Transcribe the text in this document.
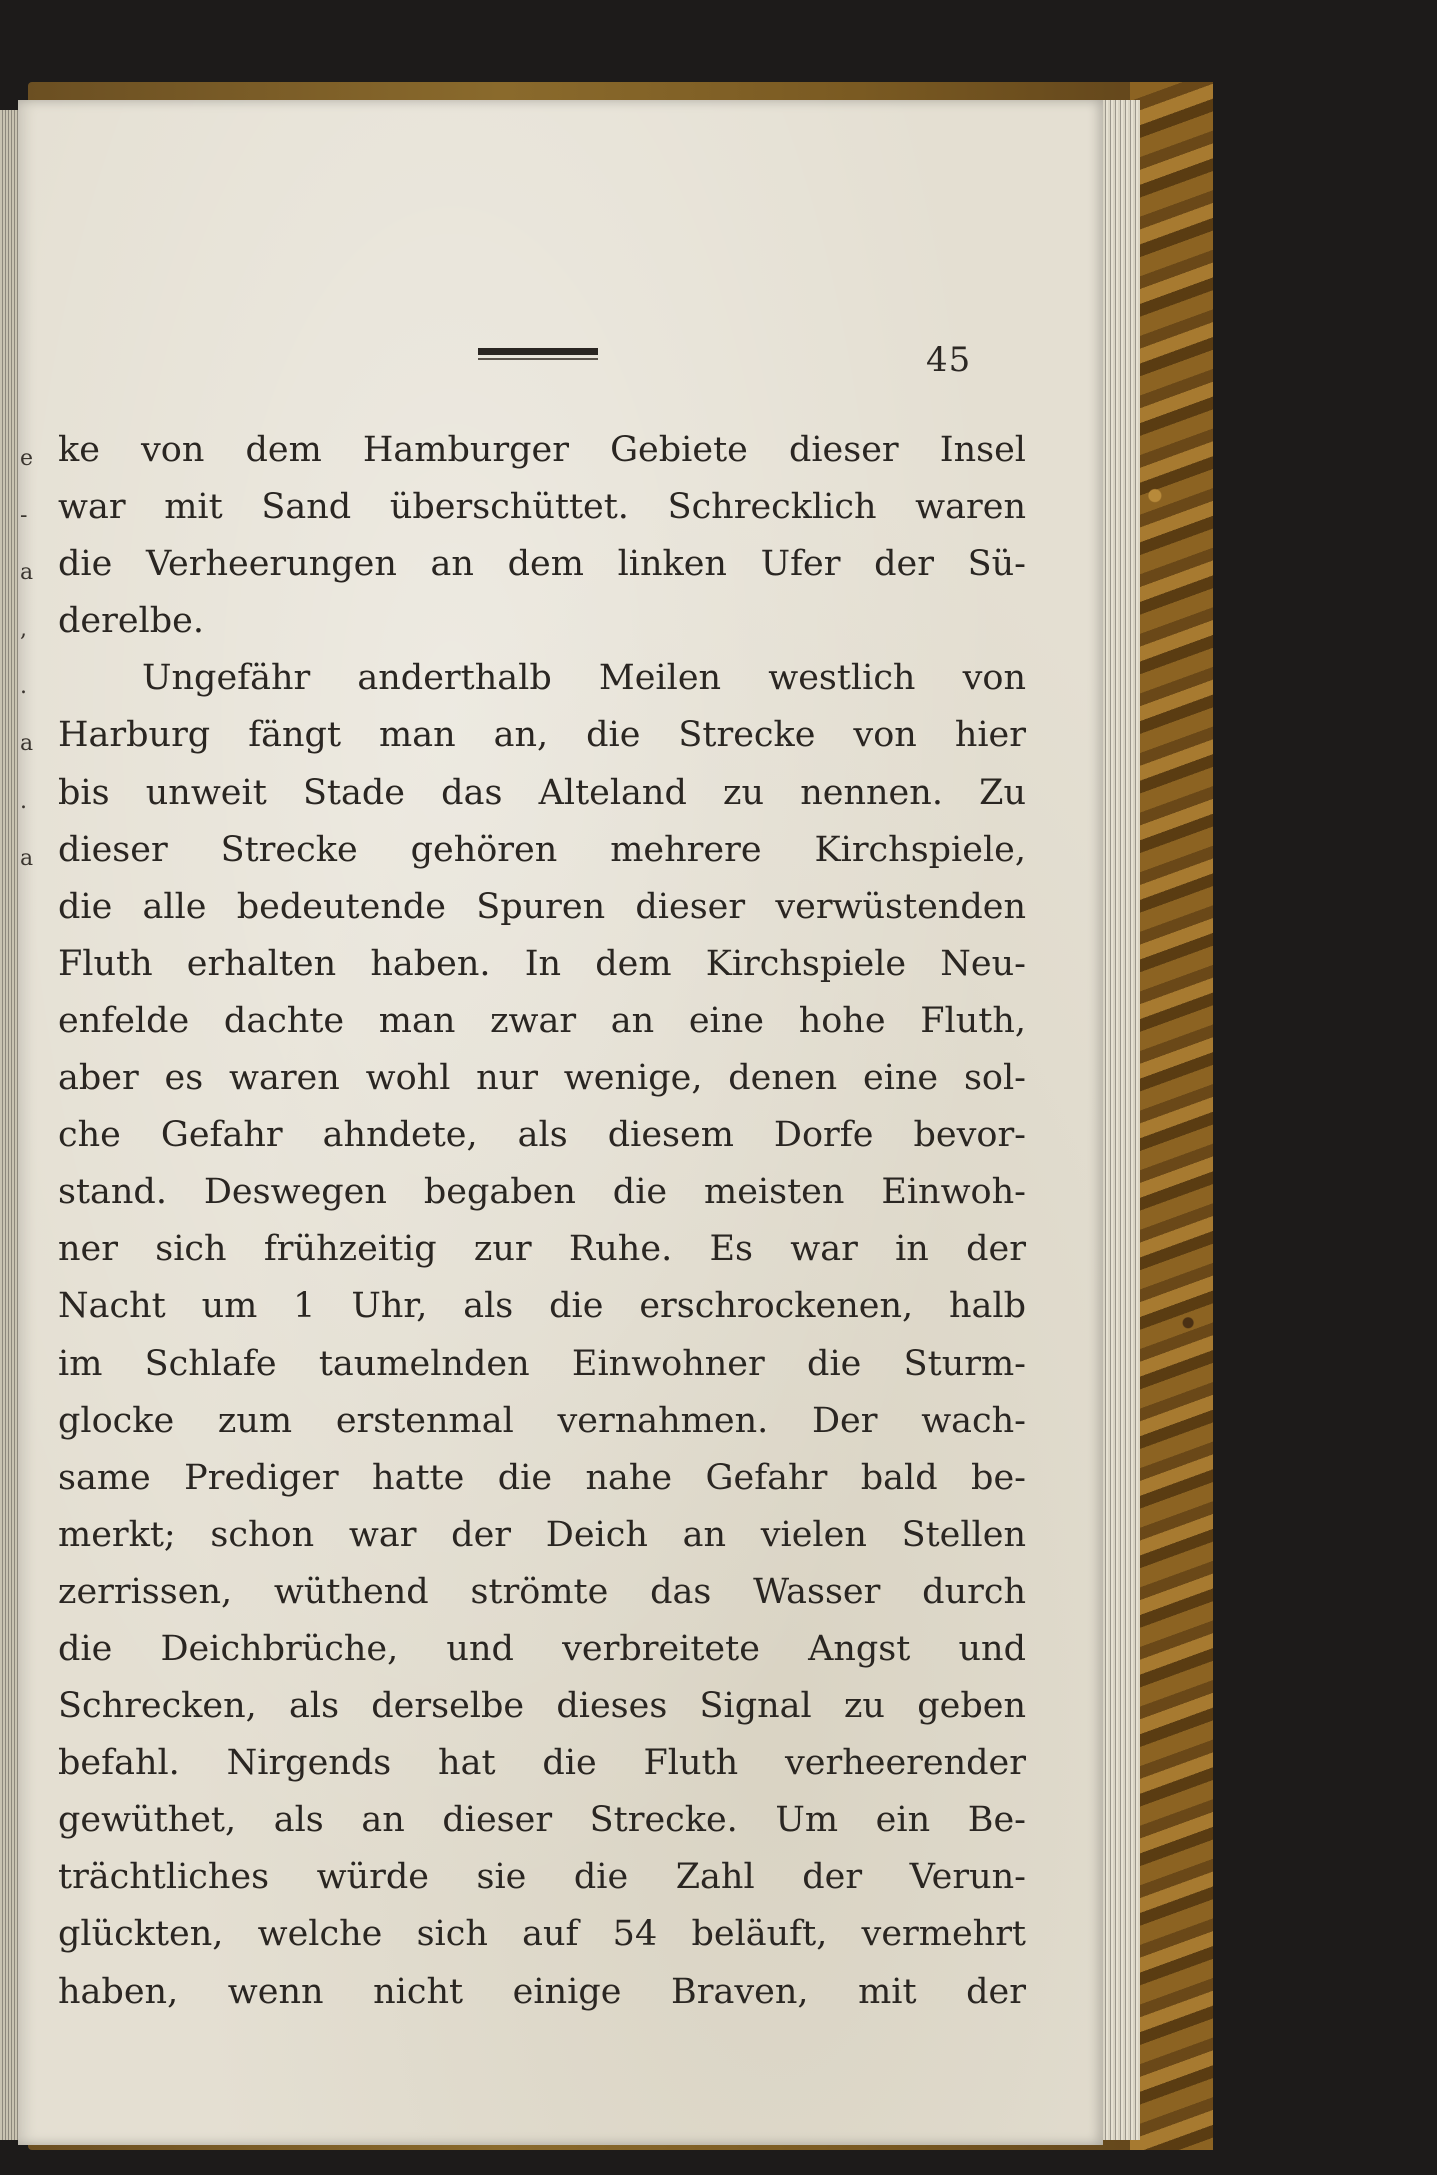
e
-
a
,
.
a
.
a
45
ke von dem Hamburger Gebiete dieser Insel
war mit Sand überschüttet. Schrecklich waren
die Verheerungen an dem linken Ufer der Sü-
derelbe.
Ungefähr anderthalb Meilen westlich von
Harburg fängt man an, die Strecke von hier
bis unweit Stade das Alteland zu nennen. Zu
dieser Strecke gehören mehrere Kirchspiele,
die alle bedeutende Spuren dieser verwüstenden
Fluth erhalten haben. In dem Kirchspiele Neu-
enfelde dachte man zwar an eine hohe Fluth,
aber es waren wohl nur wenige, denen eine sol-
che Gefahr ahndete, als diesem Dorfe bevor-
stand. Deswegen begaben die meisten Einwoh-
ner sich frühzeitig zur Ruhe. Es war in der
Nacht um 1 Uhr, als die erschrockenen, halb
im Schlafe taumelnden Einwohner die Sturm-
glocke zum erstenmal vernahmen. Der wach-
same Prediger hatte die nahe Gefahr bald be-
merkt; schon war der Deich an vielen Stellen
zerrissen, wüthend strömte das Wasser durch
die Deichbrüche, und verbreitete Angst und
Schrecken, als derselbe dieses Signal zu geben
befahl. Nirgends hat die Fluth verheerender
gewüthet, als an dieser Strecke. Um ein Be-
trächtliches würde sie die Zahl der Verun-
glückten, welche sich auf 54 beläuft, vermehrt
haben, wenn nicht einige Braven, mit der
